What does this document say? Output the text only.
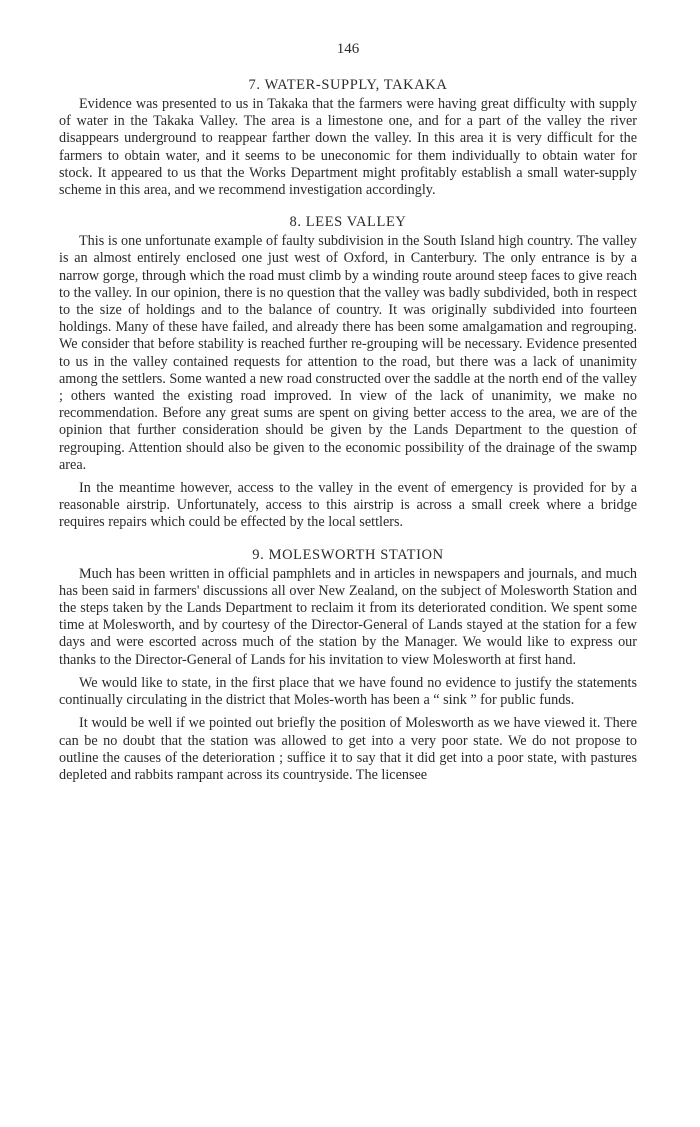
146
7. WATER-SUPPLY, TAKAKA

Evidence was presented to us in Takaka that the farmers were having great difficulty with supply of water in the Takaka Valley. The area is a limestone one, and for a part of the valley the river disappears underground to reappear farther down the valley. In this area it is very difficult for the farmers to obtain water, and it seems to be uneconomic for them individually to obtain water for stock. It appeared to us that the Works Department might profitably establish a small water-supply scheme in this area, and we recommend investigation accordingly.

8. LEES VALLEY

This is one unfortunate example of faulty subdivision in the South Island high country. The valley is an almost entirely enclosed one just west of Oxford, in Canterbury. The only entrance is by a narrow gorge, through which the road must climb by a winding route around steep faces to give reach to the valley. In our opinion, there is no question that the valley was badly subdivided, both in respect to the size of holdings and to the balance of country. It was originally subdivided into fourteen holdings. Many of these have failed, and already there has been some amalgamation and regrouping. We consider that before stability is reached further re-grouping will be necessary. Evidence presented to us in the valley contained requests for attention to the road, but there was a lack of unanimity among the settlers. Some wanted a new road constructed over the saddle at the north end of the valley ; others wanted the existing road improved. In view of the lack of unanimity, we make no recommendation. Before any great sums are spent on giving better access to the area, we are of the opinion that further consideration should be given by the Lands Department to the question of regrouping. Attention should also be given to the economic possibility of the drainage of the swamp area.

In the meantime however, access to the valley in the event of emergency is provided for by a reasonable airstrip. Unfortunately, access to this airstrip is across a small creek where a bridge requires repairs which could be effected by the local settlers.

9. MOLESWORTH STATION

Much has been written in official pamphlets and in articles in newspapers and journals, and much has been said in farmers' discussions all over New Zealand, on the subject of Molesworth Station and the steps taken by the Lands Department to reclaim it from its deteriorated condition. We spent some time at Molesworth, and by courtesy of the Director-General of Lands stayed at the station for a few days and were escorted across much of the station by the Manager. We would like to express our thanks to the Director-General of Lands for his invitation to view Molesworth at first hand.

We would like to state, in the first place that we have found no evidence to justify the statements continually circulating in the district that Moles-worth has been a “ sink ” for public funds.

It would be well if we pointed out briefly the position of Molesworth as we have viewed it. There can be no doubt that the station was allowed to get into a very poor state. We do not propose to outline the causes of the deterioration ; suffice it to say that it did get into a poor state, with pastures depleted and rabbits rampant across its countryside. The licensee
